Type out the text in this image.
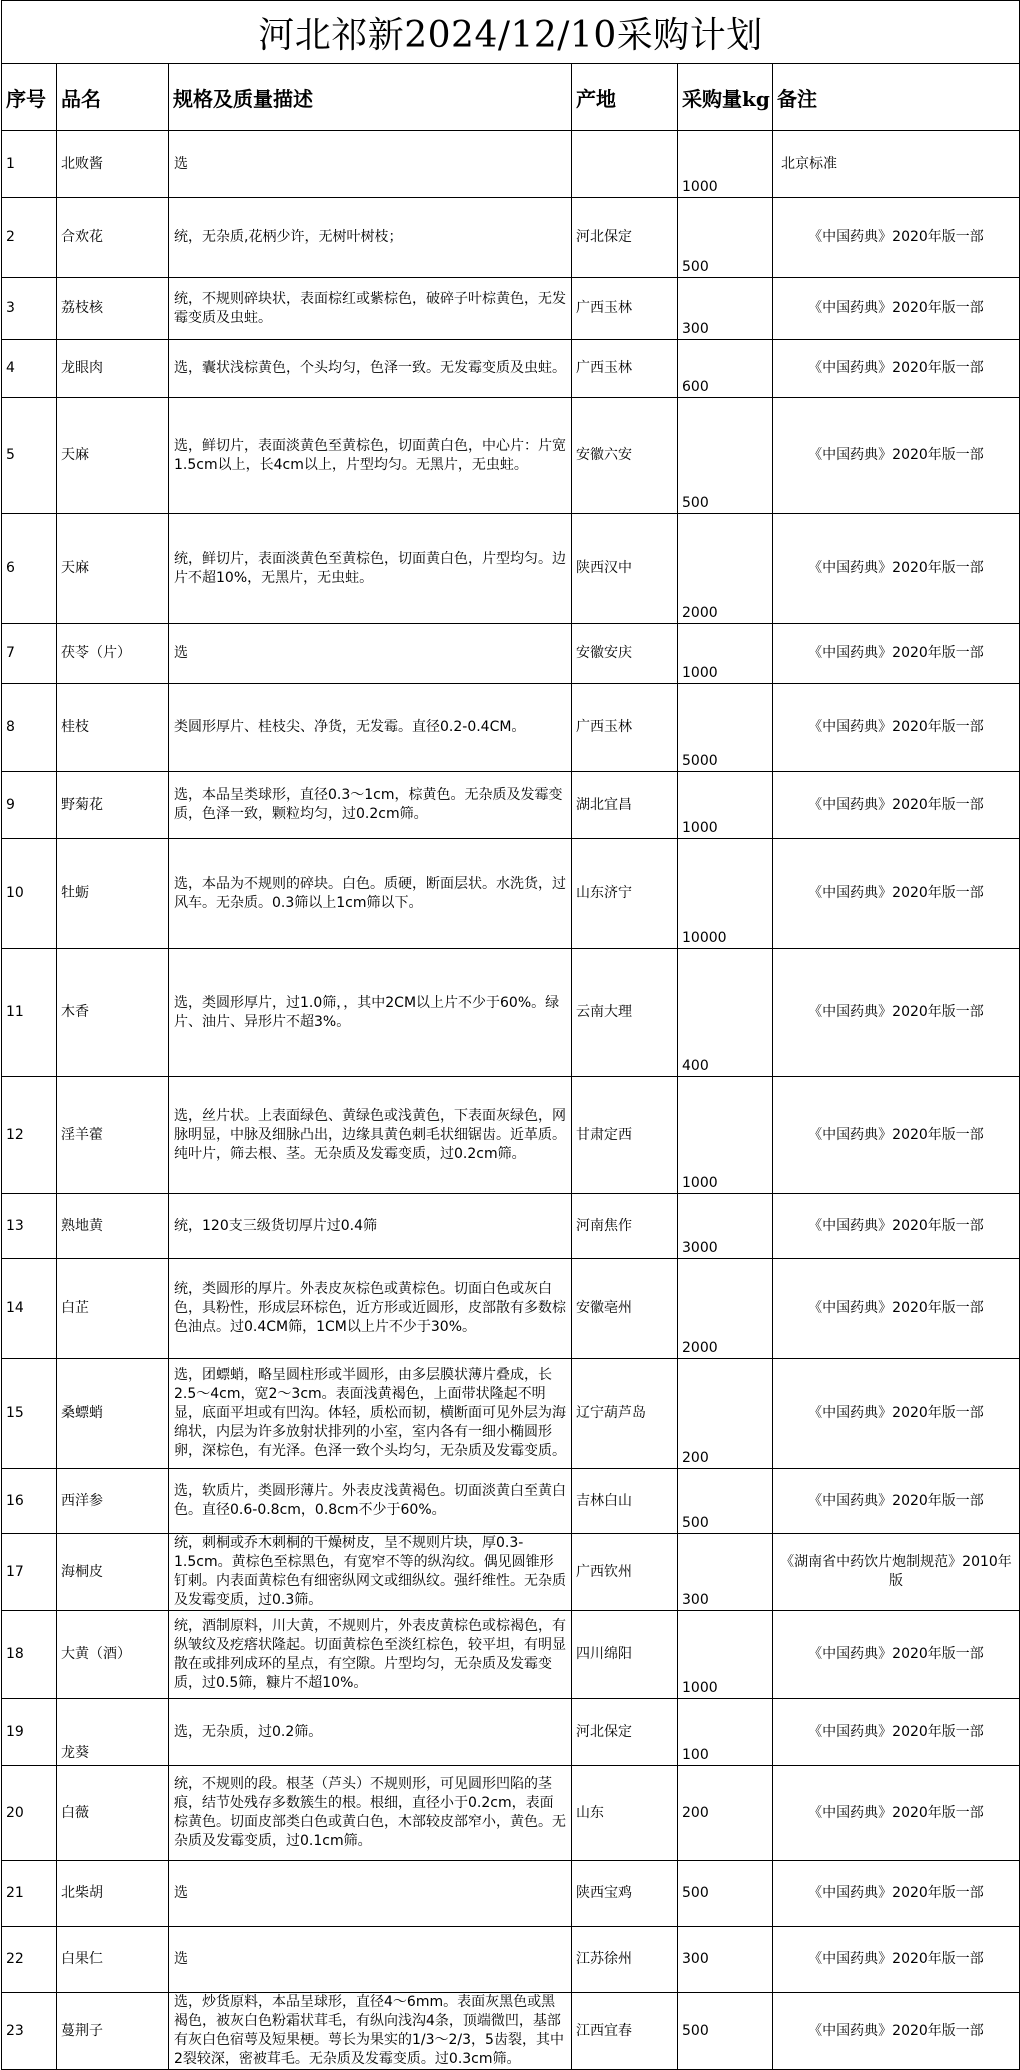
河北祁新2024/12/10采购计划					
序号	品名	规格及质量描述	产地	采购量kg	备注
1	北败酱	选		1000	北京标准
2	合欢花	统，无杂质,花柄少许，无树叶树枝；	河北保定	500	《中国药典》2020年版一部
3	荔枝核	统，不规则碎块状，表面棕红或紫棕色，破碎子叶棕黄色，无发霉变质及虫蛀。	广西玉林	300	《中国药典》2020年版一部
4	龙眼肉	选，囊状浅棕黄色，个头均匀，色泽一致。无发霉变质及虫蛀。	广西玉林	600	《中国药典》2020年版一部
5	天麻	选，鲜切片，表面淡黄色至黄棕色，切面黄白色，中心片：片宽1.5cm以上，长4cm以上，片型均匀。无黑片，无虫蛀。	安徽六安	500	《中国药典》2020年版一部
6	天麻	统，鲜切片，表面淡黄色至黄棕色，切面黄白色，片型均匀。边片不超10%，无黑片，无虫蛀。	陕西汉中	2000	《中国药典》2020年版一部
7	茯苓（片）	选	安徽安庆	1000	《中国药典》2020年版一部
8	桂枝	类圆形厚片、桂枝尖、净货，无发霉。直径0.2-0.4CM。	广西玉林	5000	《中国药典》2020年版一部
9	野菊花	选，本品呈类球形，直径0.3～1cm，棕黄色。无杂质及发霉变质，色泽一致，颗粒均匀，过0.2cm筛。	湖北宜昌	1000	《中国药典》2020年版一部
10	牡蛎	选，本品为不规则的碎块。白色。质硬，断面层状。水洗货，过风车。无杂质。0.3筛以上1cm筛以下。	山东济宁	10000	《中国药典》2020年版一部
11	木香	选，类圆形厚片，过1.0筛，，其中2CM以上片不少于60%。绿片、油片、异形片不超3%。	云南大理	400	《中国药典》2020年版一部
12	淫羊藿	选，丝片状。上表面绿色、黄绿色或浅黄色，下表面灰绿色，网脉明显，中脉及细脉凸出，边缘具黄色刺毛状细锯齿。近革质。纯叶片，筛去根、茎。无杂质及发霉变质，过0.2cm筛。	甘肃定西	1000	《中国药典》2020年版一部
13	熟地黄	统，120支三级货切厚片过0.4筛	河南焦作	3000	《中国药典》2020年版一部
14	白芷	统，类圆形的厚片。外表皮灰棕色或黄棕色。切面白色或灰白色，具粉性，形成层环棕色，近方形或近圆形，皮部散有多数棕色油点。过0.4CM筛，1CM以上片不少于30%。	安徽亳州	2000	《中国药典》2020年版一部
15	桑螵蛸	选，团螵蛸，略呈圆柱形或半圆形，由多层膜状薄片叠成，长2.5～4cm，宽2～3cm。表面浅黄褐色，上面带状隆起不明显，底面平坦或有凹沟。体轻，质松而韧，横断面可见外层为海绵状，内层为许多放射状排列的小室，室内各有一细小椭圆形卵，深棕色，有光泽。色泽一致个头均匀，无杂质及发霉变质。	辽宁葫芦岛	200	《中国药典》2020年版一部
16	西洋参	选，软质片，类圆形薄片。外表皮浅黄褐色。切面淡黄白至黄白色。直径0.6-0.8cm，0.8cm不少于60%。	吉林白山	500	《中国药典》2020年版一部
17	海桐皮	统，刺桐或乔木刺桐的干燥树皮，呈不规则片块，厚0.3-1.5cm。黄棕色至棕黑色，有宽窄不等的纵沟纹。偶见圆锥形钉刺。内表面黄棕色有细密纵网文或细纵纹。强纤维性。无杂质及发霉变质，过0.3筛。	广西钦州	300	《湖南省中药饮片炮制规范》2010年版
18	大黄（酒）	统，酒制原料，川大黄，不规则片，外表皮黄棕色或棕褐色，有纵皱纹及疙瘩状隆起。切面黄棕色至淡红棕色，较平坦，有明显散在或排列成环的星点，有空隙。片型均匀，无杂质及发霉变质，过0.5筛，糠片不超10%。	四川绵阳	1000	《中国药典》2020年版一部
19	龙葵	选，无杂质，过0.2筛。	河北保定	100	《中国药典》2020年版一部
20	白薇	统，不规则的段。根茎（芦头）不规则形，可见圆形凹陷的茎痕，结节处残存多数簇生的根。根细，直径小于0.2cm，表面棕黄色。切面皮部类白色或黄白色，木部较皮部窄小，黄色。无杂质及发霉变质，过0.1cm筛。	山东	200	《中国药典》2020年版一部
21	北柴胡	选	陕西宝鸡	500	《中国药典》2020年版一部
22	白果仁	选	江苏徐州	300	《中国药典》2020年版一部
23	蔓荆子	选，炒货原料，本品呈球形，直径4～6mm。表面灰黑色或黑褐色，被灰白色粉霜状茸毛，有纵向浅沟4条，顶端微凹，基部有灰白色宿萼及短果梗。萼长为果实的1/3～2/3，5齿裂，其中2裂较深，密被茸毛。无杂质及发霉变质。过0.3cm筛。	江西宜春	500	《中国药典》2020年版一部
